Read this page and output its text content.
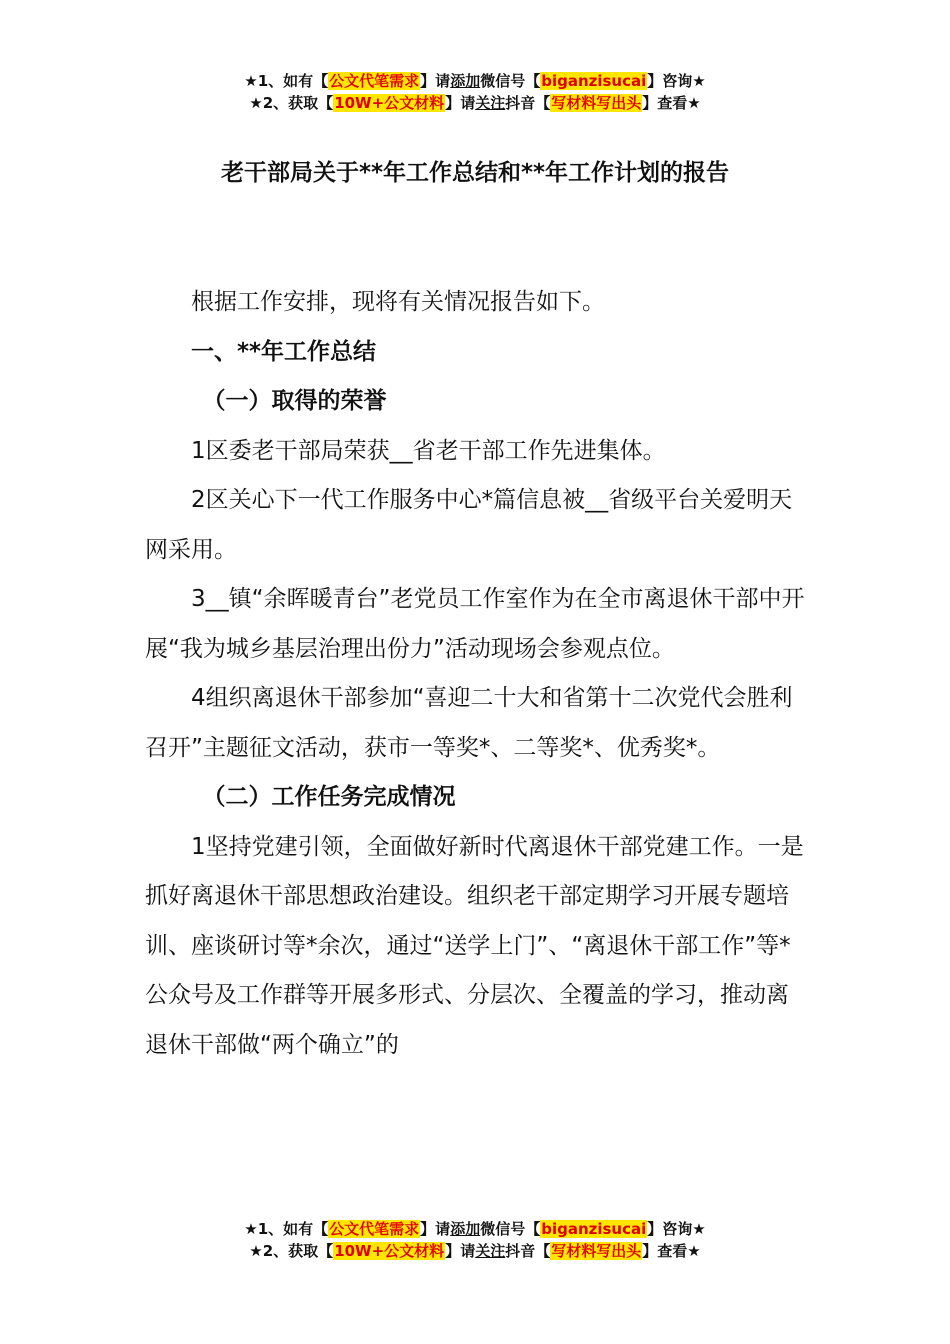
★1、如有【公文代笔需求】请添加微信号【biganzisucai】咨询★
★2、获取【10W+公文材料】请关注抖音【写材料写出头】查看★
老干部局关于**年工作总结和**年工作计划的报告

根据工作安排，现将有关情况报告如下。

一、**年工作总结

（一）取得的荣誉

1区委老干部局荣获__省老干部工作先进集体。

2区关心下一代工作服务中心*篇信息被__省级平台关爱明天网采用。

3__镇“余晖暖青台”老党员工作室作为在全市离退休干部中开展“我为城乡基层治理出份力”活动现场会参观点位。

4组织离退休干部参加“喜迎二十大和省第十二次党代会胜利召开”主题征文活动，获市一等奖*、二等奖*、优秀奖*。

（二）工作任务完成情况

1坚持党建引领，全面做好新时代离退休干部党建工作。一是抓好离退休干部思想政治建设。组织老干部定期学习开展专题培训、座谈研讨等*余次，通过“送学上门”、“离退休干部工作”等*公众号及工作群等开展多形式、分层次、全覆盖的学习，推动离退休干部做“两个确立”的

★1、如有【公文代笔需求】请添加微信号【biganzisucai】咨询★
★2、获取【10W+公文材料】请关注抖音【写材料写出头】查看★
